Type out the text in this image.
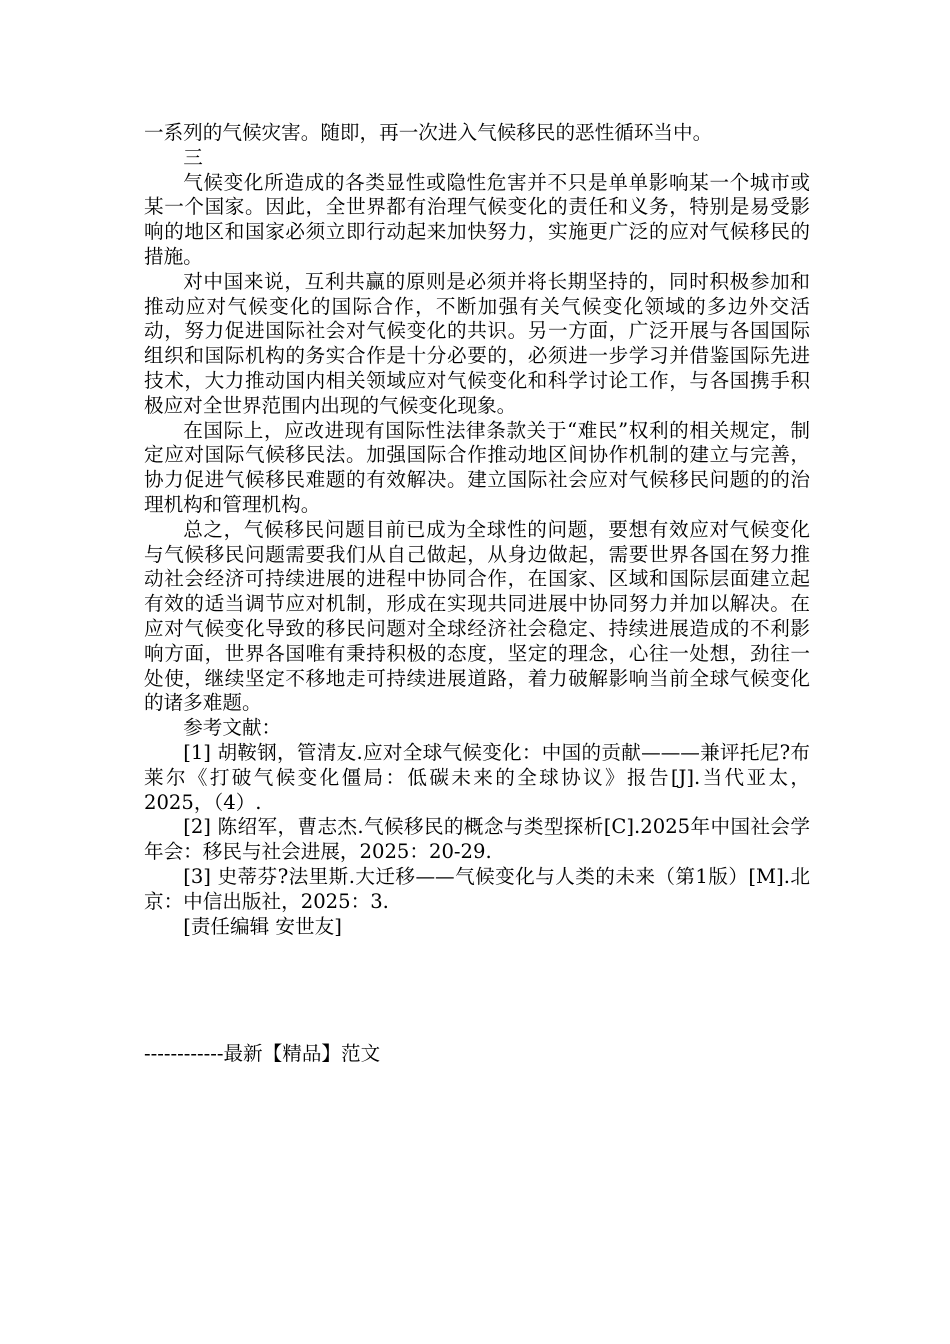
一系列的气候灾害。随即，再一次进入气候移民的恶性循环当中。

三

气候变化所造成的各类显性或隐性危害并不只是单单影响某一个城市或某一个国家。因此，全世界都有治理气候变化的责任和义务，特别是易受影响的地区和国家必须立即行动起来加快努力，实施更广泛的应对气候移民的措施。

对中国来说，互利共赢的原则是必须并将长期坚持的，同时积极参加和推动应对气候变化的国际合作，不断加强有关气候变化领域的多边外交活动，努力促进国际社会对气候变化的共识。另一方面，广泛开展与各国国际组织和国际机构的务实合作是十分必要的，必须进一步学习并借鉴国际先进技术，大力推动国内相关领域应对气候变化和科学讨论工作，与各国携手积极应对全世界范围内出现的气候变化现象。

在国际上，应改进现有国际性法律条款关于“难民”权利的相关规定，制定应对国际气候移民法。加强国际合作推动地区间协作机制的建立与完善，协力促进气候移民难题的有效解决。建立国际社会应对气候移民问题的的治理机构和管理机构。

总之，气候移民问题目前已成为全球性的问题，要想有效应对气候变化与气候移民问题需要我们从自己做起，从身边做起，需要世界各国在努力推动社会经济可持续进展的进程中协同合作，在国家、区域和国际层面建立起有效的适当调节应对机制，形成在实现共同进展中协同努力并加以解决。在应对气候变化导致的移民问题对全球经济社会稳定、持续进展造成的不利影响方面，世界各国唯有秉持积极的态度，坚定的理念，心往一处想，劲往一处使，继续坚定不移地走可持续进展道路，着力破解影响当前全球气候变化的诸多难题。

参考文献：

[1] 胡鞍钢，管清友.应对全球气候变化：中国的贡献———兼评托尼?布莱尔《打破气候变化僵局：低碳未来的全球协议》报告[J].当代亚太，2025，（4）.

[2] 陈绍军，曹志杰.气候移民的概念与类型探析[C].2025年中国社会学年会：移民与社会进展，2025：20-29.

[3] 史蒂芬?法里斯.大迁移——气候变化与人类的未来（第1版）[M].北京：中信出版社，2025：3.

[责任编辑 安世友]

------------最新【精品】范文
